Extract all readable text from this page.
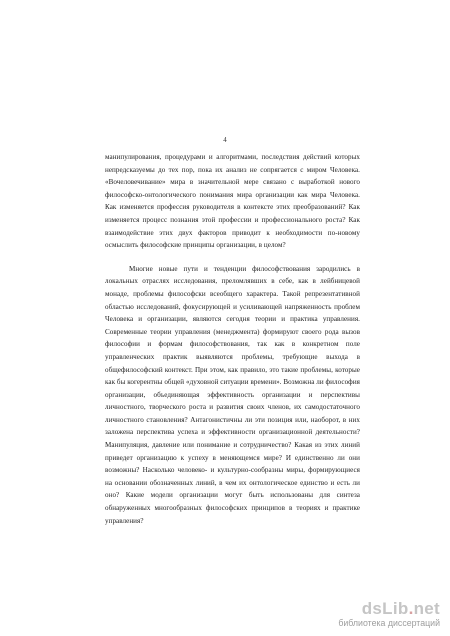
4

манипулирования, процедурами и алгоритмами, последствия действий которых непредсказуемы до тех пор, пока их анализ не сопрягается с миром Человека. «Вочеловечивание» мира в значительной мере связано с выработкой нового философско-онтологического понимания мира организации как мира Человека. Как изменяется профессия руководителя в контексте этих преобразований? Как изменяется процесс познания этой профессии и профессионального роста? Как взаимодействие этих двух факторов приводит к необходимости по-новому осмыслить философские принципы организации, в целом?

Многие новые пути и тенденции философствования зародились в локальных отраслях исследования, преломлявших в себе, как в лейбницевой монаде, проблемы философски всеобщего характера. Такой репрезентативной областью исследований, фокусирующей и усиливающей напряженность проблем Человека и организации, являются сегодня теории и практика управления. Современные теории управления (менеджмента) формируют своего рода вызов философии и формам философствования, так как в конкретном поле управленческих практик выявляются проблемы, требующие выхода в общефилософский контекст. При этом, как правило, это такие проблемы, которые как бы когерентны общей «духовной ситуации времени». Возможна ли философия организации, объединяющая эффективность организации и перспективы личностного, творческого роста и развития своих членов, их самодостаточного личностного становления? Антагонистичны ли эти позиция или, наоборот, в них заложена перспектива успеха и эффективности организационной деятельности? Манипуляция, давление или понимание и сотрудничество? Какая из этих линий приведет организацию к успеху в меняющемся мире? И единственно ли они возможны? Насколько человеко- и культурно-сообразны миры, формирующиеся на основании обозначенных линий, в чем их онтологическое единство и есть ли оно? Какие модели организации могут быть использованы для синтеза обнаруженных многообразных философских принципов в теориях и практике управления?

dsLib.net
библиотека диссертаций
